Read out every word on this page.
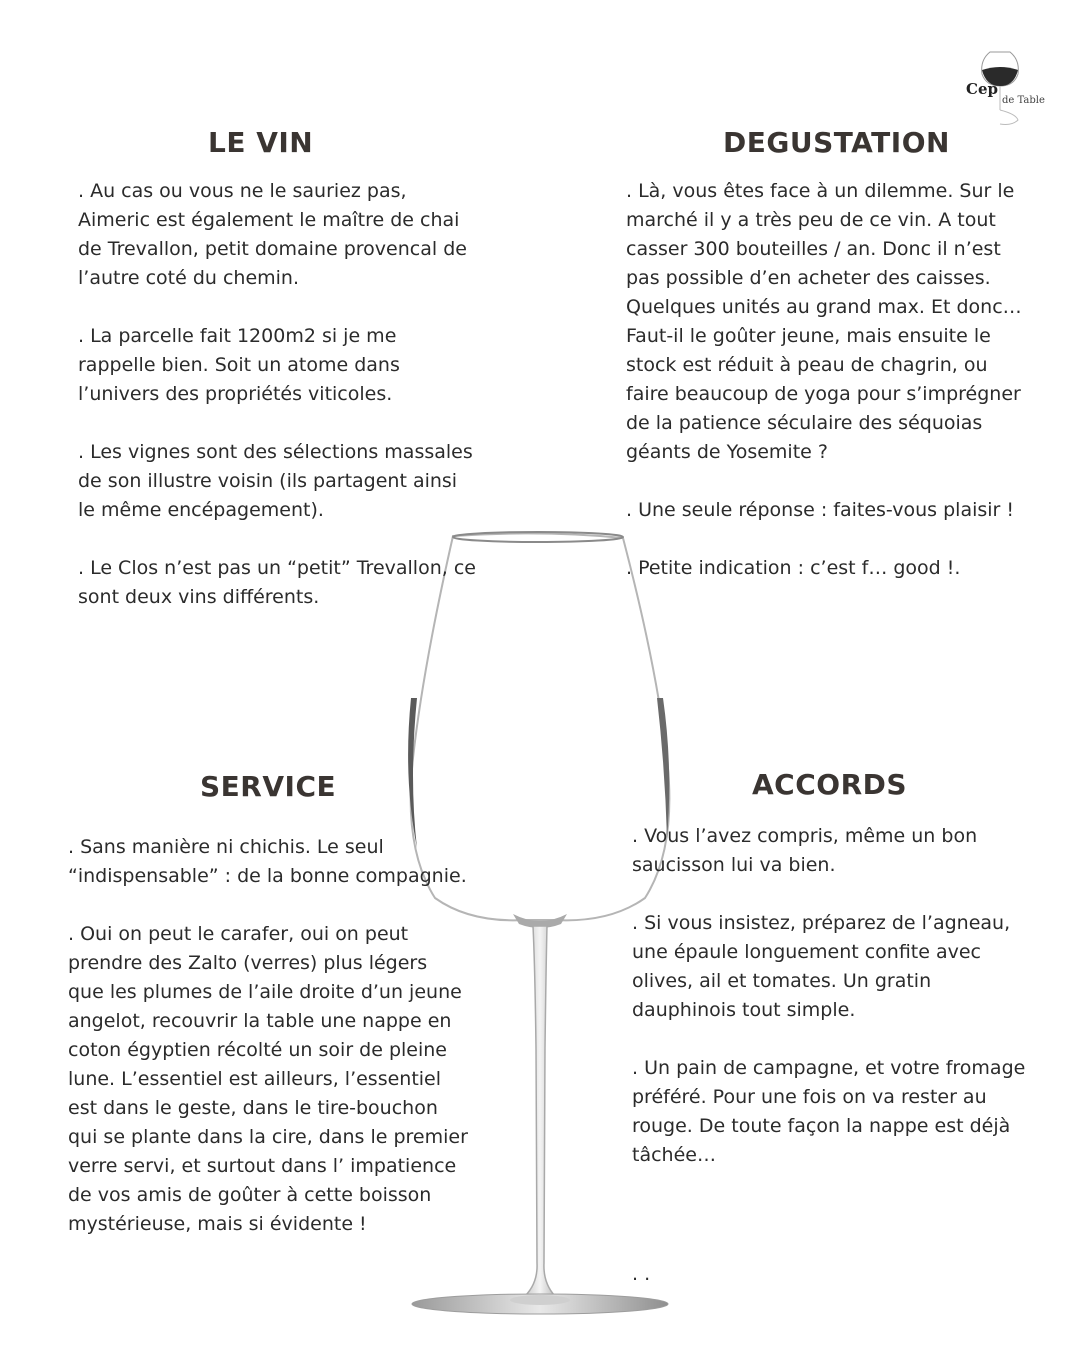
Cep
de Table
LE VIN

. Au cas ou vous ne le sauriez pas, Aimeric est également le maître de chai de Trevallon, petit domaine provencal de l’autre coté du chemin.

. La parcelle fait 1200m2 si je me rappelle bien. Soit un atome dans l’univers des propriétés viticoles.

. Les vignes sont des sélections massales de son illustre voisin (ils partagent ainsi le même encépagement).

. Le Clos n’est pas un “petit” Trevallon, ce sont deux vins différents.

DEGUSTATION

. Là, vous êtes face à un dilemme. Sur le marché il y a très peu de ce vin. A tout casser 300 bouteilles / an. Donc il n’est pas possible d’en acheter des caisses. Quelques unités au grand max. Et donc… Faut-il le goûter jeune, mais ensuite le stock est réduit à peau de chagrin, ou faire beaucoup de yoga pour s’imprégner de la patience séculaire des séquoias géants de Yosemite ?

. Une seule réponse : faites-vous plaisir !

. Petite indication : c’est f… good !.

SERVICE

. Sans manière ni chichis. Le seul “indispensable” : de la bonne compagnie.

. Oui on peut le carafer, oui on peut prendre des Zalto (verres) plus légers que les plumes de l’aile droite d’un jeune angelot, recouvrir la table une nappe en coton égyptien récolté un soir de pleine lune. L’essentiel est ailleurs, l’essentiel est dans le geste, dans le tire-bouchon qui se plante dans la cire, dans le premier verre servi, et surtout dans l’ impatience de vos amis de goûter à cette boisson mystérieuse, mais si évidente !

ACCORDS

. Vous l’avez compris, même un bon saucisson lui va bien.

. Si vous insistez, préparez de l’agneau, une épaule longuement confite avec olives, ail et tomates. Un gratin dauphinois tout simple.

. Un pain de campagne, et votre fromage préféré. Pour une fois on va rester au rouge. De toute façon la nappe est déjà tâchée…

. .
